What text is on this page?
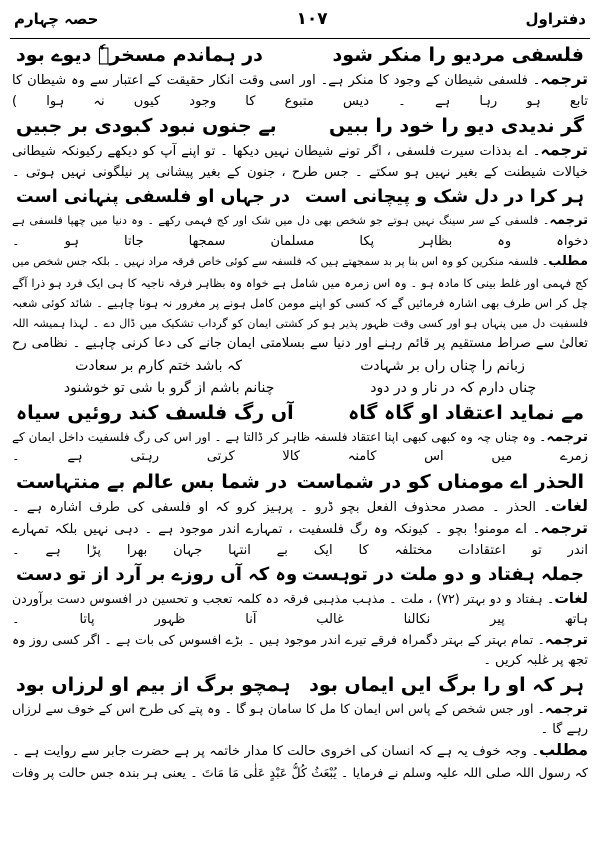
دفتراول
۱۰۷
حصہ چہارم
فلسفی مردیو را منکر شود
در ہماندم مسخرہٗ دیوے بود
ترجمہ۔ فلسفی شیطان کے وجود کا منکر ہے۔ اور اسی وقت انکار حقیقت کے اعتبار سے وہ شیطان کا
تابع ہو رہا ہے ۔ دیس متبوع کا وجود کیوں نہ ہوا )
گر ندیدی دیو را خود را ببیں
بے جنوں نبود کبودی بر جبیں
ترجمہ۔ اے بدذات سیرت فلسفی ، اگر تونے شیطان نہیں دیکھا ۔ تو اپنے آپ کو دیکھے رکیونکہ شیطانی
خیالات شیطنت کے بغیر نہیں ہو سکتے ۔ جس طرح ، جنون کے بغیر پیشانی پر نیلگونی نہیں ہوتی ۔
ہر کرا در دل شک و پیچانی است
در جہاں او فلسفی پنہانی است
ترجمہ۔ فلسفی کے سر سینگ نہیں ہوتے جو شخص بھی دل میں شک اور کج فہمی رکھے ۔ وہ دنیا میں چھپا فلسفی ہے
دخواہ وہ بظاہر پکا مسلمان سمجھا جاتا ہو ۔
مطلب۔ فلسفہ منکرین کو وہ اس بنا پر بد سمجھتے ہیں کہ فلسفہ سے کوئی خاص فرقہ مراد نہیں ۔ بلکہ جس شخص میں
کج فہمی اور غلط بینی کا مادہ ہو ۔ وہ اس زمرہ میں شامل ہے خواہ وہ بظاہر فرقہ ناجیہ کا ہی ایک فرد ہو ذرا آگے
چل کر اس طرف بھی اشارہ فرمائیں گے کہ کسی کو اپنے مومن کامل ہونے پر مغرور نہ ہونا چاہیے ۔ شائد کوئی شعبہ
فلسفیت دل میں پنہاں ہو اور کسی وقت ظہور پذیر ہو کر کشتی ایمان کو گرداب تشکیک میں ڈال دے ۔ لہذا ہمیشہ اللہ
تعالیٰ سے صراط مستقیم پر قائم رہنے اور دنیا سے بسلامتی ایمان جانے کی دعا کرنی چاہیے ۔ نظامی رح
زبانم را چناں راں بر شہادت
کہ باشد ختم کارم بر سعادت
چناں دارم کہ در نار و در دود
چنانم باشم از گرو با شی تو خوشنود
مے نماید اعتقاد او گاہ گاہ
آں رگ فلسف کند روئیں سیاہ
ترجمہ۔ وہ چناں چہ وہ کبھی کبھی اپنا اعتقاد فلسفہ ظاہر کر ڈالتا ہے ۔ اور اس کی رگ فلسفیت داخل ایمان کے
زمرے میں اس کامنہ کالا کرتی رہتی ہے ۔
الحذر اے مومناں کو در شماست
در شما بس عالم بے منتہاست
لغات۔ الحذر ۔ مصدر محذوف الفعل بچو ڈرو ۔ پرہیز کرو کہ او فلسفی کی طرف اشارہ ہے ۔
ترجمہ۔ اے مومنو! بچو ۔ کیونکہ وہ رگ فلسفیت ، تمہارے اندر موجود ہے ۔ دہی نہیں بلکہ تمہارے
اندر تو اعتقادات مختلفہ کا ایک بے انتہا جہان بھرا پڑا ہے ۔
جملہ ہفتاد و دو ملت در توہست
وہ کہ آں روزے بر آرد از تو دست
لغات۔ ہفتاد و دو بہتر (۷۲) ، ملت ۔ مذہب مذہبی فرقہ دہ کلمہ تعجب و تحسین در افسوس دست برآوردن
ہاتھ پیر نکالنا غالب آنا ظہور پاتا ۔
ترجمہ۔ تمام بہتر کے بہتر دگمراہ فرقے تیرے اندر موجود ہیں ۔ بڑے افسوس کی بات ہے ۔ اگر کسی روز وہ
تجھ پر غلبہ کریں ۔
ہر کہ او را برگ ایں ایماں بود
ہمچو برگ از بیم او لرزاں بود
ترجمہ۔ اور جس شخص کے پاس اس ایمان کا مل کا سامان ہو گا ۔ وہ پتے کی طرح اس کے خوف سے لرزاں
رہے گا ۔
مطلب۔ وجہ خوف یہ ہے کہ انسان کی اخروی حالت کا مدار خاتمہ پر ہے حضرت جابر سے روایت ہے ۔
کہ رسول اللہ صلی اللہ علیہ وسلم نے فرمایا ۔ یُبْعَثُ کُلُّ عَبْدٍ عَلٰی مَا مَاتَ ۔ یعنی ہر بندہ جس حالت پر وفات
